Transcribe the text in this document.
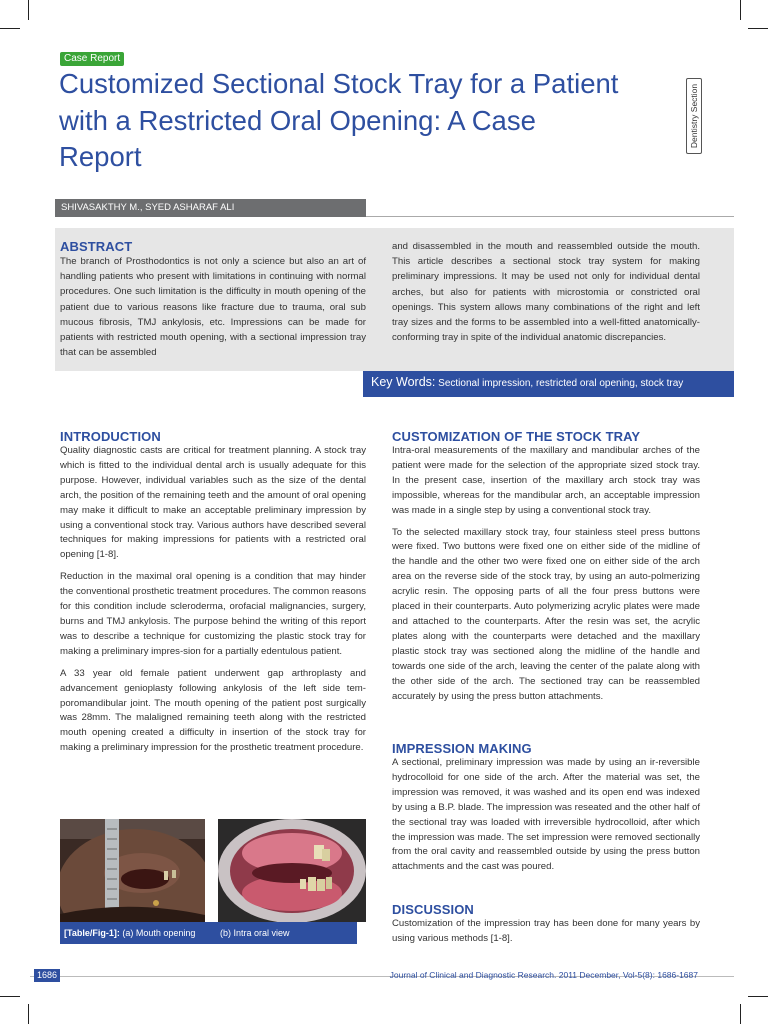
Case Report
Customized Sectional Stock Tray for a Patient with a Restricted Oral Opening: A Case Report
Dentistry Section
SHIVASAKTHY M., SYED ASHARAF ALI
ABSTRACT

The branch of Prosthodontics is not only a science but also an art of handling patients who present with limitations in continuing with normal procedures. One such limitation is the difficulty in mouth opening of the patient due to various reasons like fracture due to trauma, oral sub mucous fibrosis, TMJ ankylosis, etc. Impressions can be made for patients with restricted mouth opening, with a sectional impression tray that can be assembled

and disassembled in the mouth and reassembled outside the mouth. This article describes a sectional stock tray system for making preliminary impressions. It may be used not only for individual dental arches, but also for patients with microstomia or constricted oral openings. This system allows many combinations of the right and left tray sizes and the forms to be assembled into a well-fitted anatomically-conforming tray in spite of the individual anatomic discrepancies.

Key Words: Sectional impression, restricted oral opening, stock tray
INTRODUCTION

Quality diagnostic casts are critical for treatment planning. A stock tray which is fitted to the individual dental arch is usually adequate for this purpose. However, individual variables such as the size of the dental arch, the position of the remaining teeth and the amount of oral opening may make it difficult to make an acceptable preliminary impression by using a conventional stock tray. Various authors have described several techniques for making impressions for patients with a restricted oral opening [1-8].

Reduction in the maximal oral opening is a condition that may hinder the conventional prosthetic treatment procedures. The common reasons for this condition include scleroderma, orofacial malignancies, surgery, burns and TMJ ankylosis. The purpose behind the writing of this report was to describe a technique for customizing the plastic stock tray for making a preliminary impres-sion for a partially edentulous patient.

A 33 year old female patient underwent gap arthroplasty and advancement genioplasty following ankylosis of the left side tem-poromandibular joint. The mouth opening of the patient post surgically was 28mm. The malaligned remaining teeth along with the restricted mouth opening created a difficulty in insertion of the stock tray for making a preliminary impression for the prosthetic treatment procedure.

[Table/Fig-1]: (a) Mouth opening	(b) Intra oral view
CUSTOMIZATION OF THE STOCK TRAY

Intra-oral measurements of the maxillary and mandibular arches of the patient were made for the selection of the appropriate sized stock tray. In the present case, insertion of the maxillary arch stock tray was impossible, whereas for the mandibular arch, an acceptable impression was made in a single step by using a conventional stock tray.

To the selected maxillary stock tray, four stainless steel press buttons were fixed. Two buttons were fixed one on either side of the midline of the handle and the other two were fixed one on either side of the arch area on the reverse side of the stock tray, by using an auto-polmerizing acrylic resin. The opposing parts of all the four press buttons were placed in their counterparts. Auto polymerizing acrylic plates were made and attached to the counterparts. After the resin was set, the acrylic plates along with the counterparts were detached and the maxillary plastic stock tray was sectioned along the midline of the handle and towards one side of the arch, leaving the center of the palate along with the other side of the arch. The sectioned tray can be reassembled accurately by using the press button attachments.

IMPRESSION MAKING

A sectional, preliminary impression was made by using an ir-reversible hydrocolloid for one side of the arch. After the material was set, the impression was removed, it was washed and its open end was indexed by using a B.P. blade. The impression was reseated and the other half of the sectional tray was loaded with irreversible hydrocolloid, after which the impression was made. The set impression were removed sectionally from the oral cavity and reassembled outside by using the press button attachments and the cast was poured.

DISCUSSION

Customization of the impression tray has been done for many years by using various methods [1-8].

1686	Journal of Clinical and Diagnostic Research. 2011 December, Vol-5(8): 1686-1687
